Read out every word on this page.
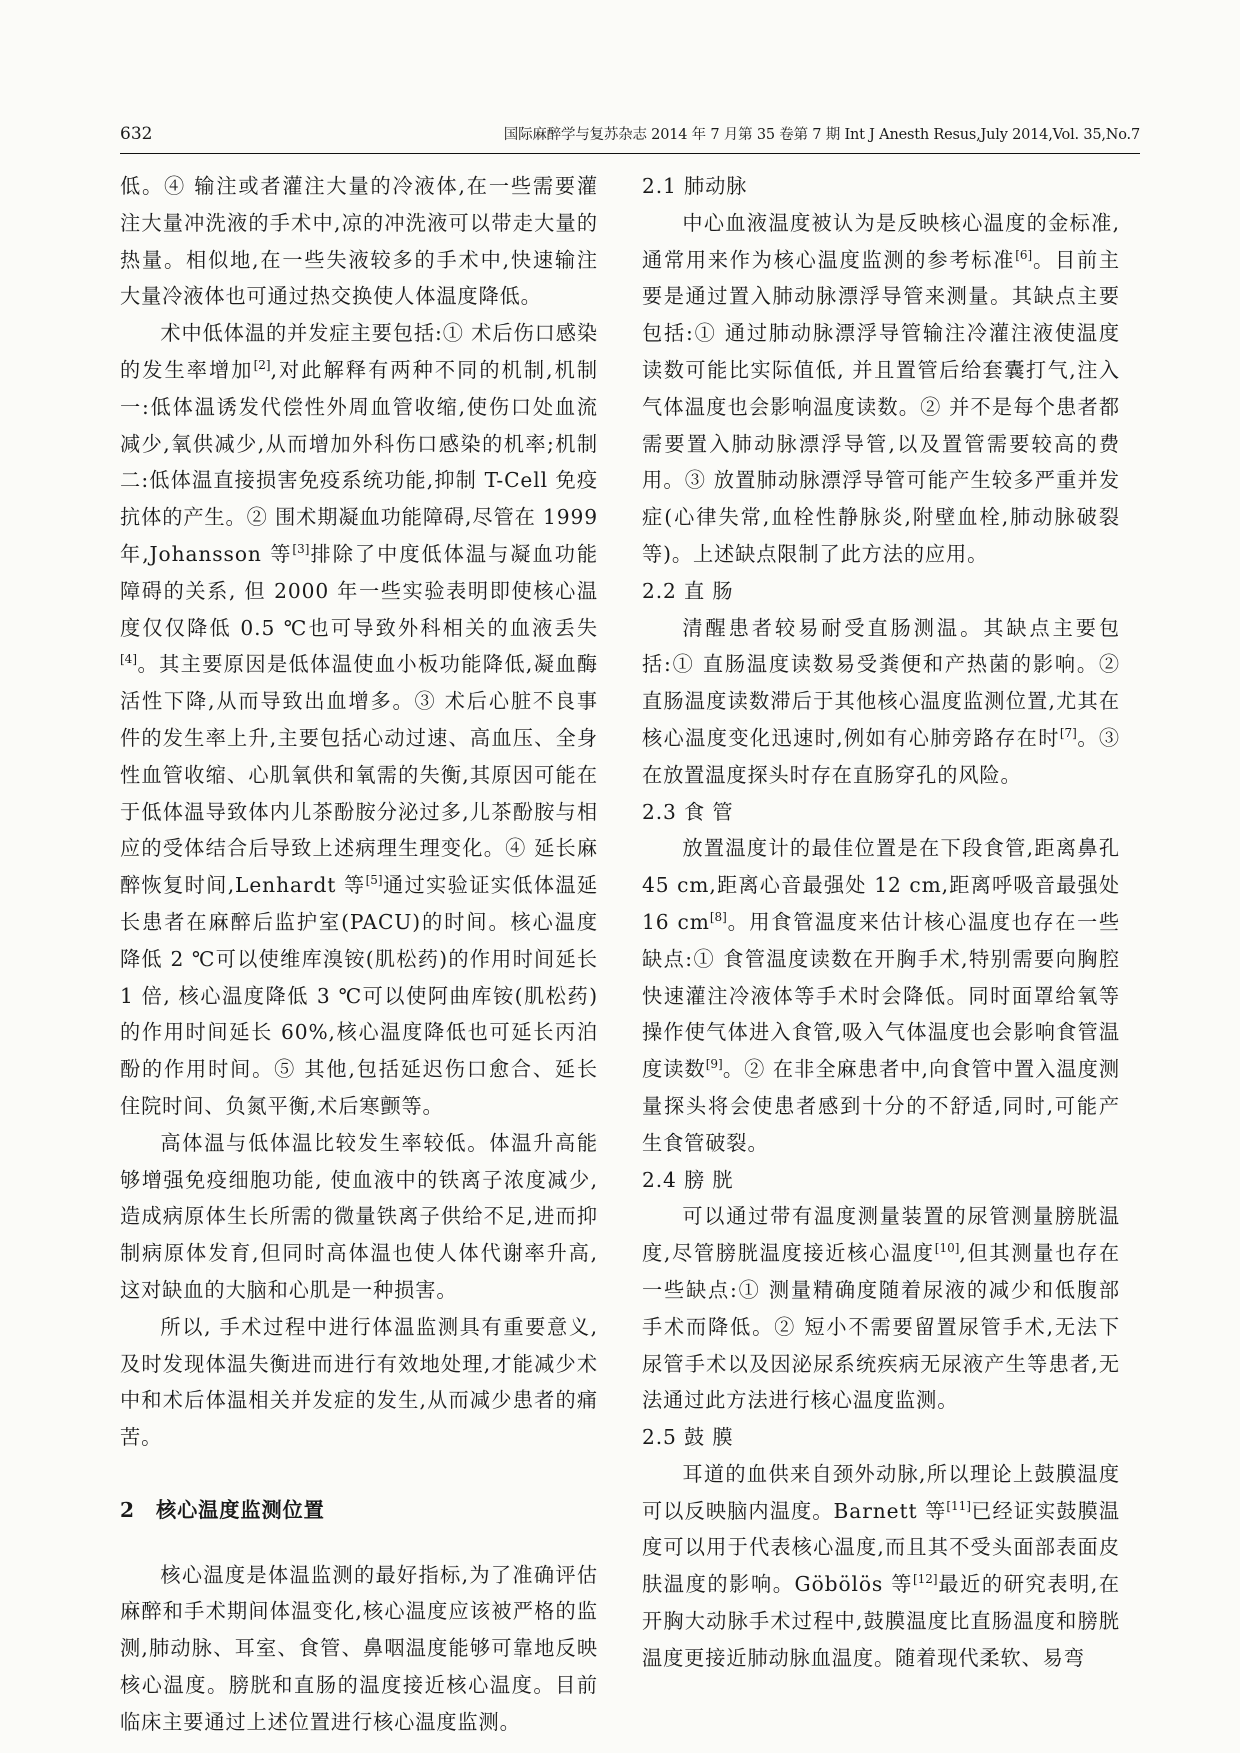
632	国际麻醉学与复苏杂志 2014 年 7 月第 35 卷第 7 期 Int J Anesth Resus,July 2014,Vol. 35,No.7

低。④ 输注或者灌注大量的冷液体,在一些需要灌注大量冲洗液的手术中,凉的冲洗液可以带走大量的热量。相似地,在一些失液较多的手术中,快速输注大量冷液体也可通过热交换使人体温度降低。

术中低体温的并发症主要包括:① 术后伤口感染的发生率增加[2],对此解释有两种不同的机制,机制一:低体温诱发代偿性外周血管收缩,使伤口处血流减少,氧供减少,从而增加外科伤口感染的机率;机制二:低体温直接损害免疫系统功能,抑制 T-Cell 免疫抗体的产生。② 围术期凝血功能障碍,尽管在 1999 年,Johansson 等[3]排除了中度低体温与凝血功能障碍的关系, 但 2000 年一些实验表明即使核心温度仅仅降低 0.5 ℃也可导致外科相关的血液丢失[4]。其主要原因是低体温使血小板功能降低,凝血酶活性下降,从而导致出血增多。③ 术后心脏不良事件的发生率上升,主要包括心动过速、高血压、全身性血管收缩、心肌氧供和氧需的失衡,其原因可能在于低体温导致体内儿茶酚胺分泌过多,儿茶酚胺与相应的受体结合后导致上述病理生理变化。④ 延长麻醉恢复时间,Lenhardt 等[5]通过实验证实低体温延长患者在麻醉后监护室(PACU)的时间。核心温度降低 2 ℃可以使维库溴铵(肌松药)的作用时间延长 1 倍, 核心温度降低 3 ℃可以使阿曲库铵(肌松药)的作用时间延长 60%,核心温度降低也可延长丙泊酚的作用时间。⑤ 其他,包括延迟伤口愈合、延长住院时间、负氮平衡,术后寒颤等。

高体温与低体温比较发生率较低。体温升高能够增强免疫细胞功能, 使血液中的铁离子浓度减少, 造成病原体生长所需的微量铁离子供给不足,进而抑制病原体发育,但同时高体温也使人体代谢率升高,这对缺血的大脑和心肌是一种损害。

所以, 手术过程中进行体温监测具有重要意义,及时发现体温失衡进而进行有效地处理,才能减少术中和术后体温相关并发症的发生,从而减少患者的痛苦。

2 核心温度监测位置

核心温度是体温监测的最好指标,为了准确评估麻醉和手术期间体温变化,核心温度应该被严格的监测,肺动脉、耳室、食管、鼻咽温度能够可靠地反映核心温度。膀胱和直肠的温度接近核心温度。目前临床主要通过上述位置进行核心温度监测。

2.1 肺动脉

中心血液温度被认为是反映核心温度的金标准,通常用来作为核心温度监测的参考标准[6]。目前主要是通过置入肺动脉漂浮导管来测量。其缺点主要包括:① 通过肺动脉漂浮导管输注冷灌注液使温度读数可能比实际值低, 并且置管后给套囊打气,注入气体温度也会影响温度读数。② 并不是每个患者都需要置入肺动脉漂浮导管,以及置管需要较高的费用。③ 放置肺动脉漂浮导管可能产生较多严重并发症(心律失常,血栓性静脉炎,附壁血栓,肺动脉破裂等)。上述缺点限制了此方法的应用。

2.2 直 肠

清醒患者较易耐受直肠测温。其缺点主要包括:① 直肠温度读数易受粪便和产热菌的影响。② 直肠温度读数滞后于其他核心温度监测位置,尤其在核心温度变化迅速时,例如有心肺旁路存在时[7]。③ 在放置温度探头时存在直肠穿孔的风险。

2.3 食 管

放置温度计的最佳位置是在下段食管,距离鼻孔 45 cm,距离心音最强处 12 cm,距离呼吸音最强处 16 cm[8]。用食管温度来估计核心温度也存在一些缺点:① 食管温度读数在开胸手术,特别需要向胸腔快速灌注冷液体等手术时会降低。同时面罩给氧等操作使气体进入食管,吸入气体温度也会影响食管温度读数[9]。② 在非全麻患者中,向食管中置入温度测量探头将会使患者感到十分的不舒适,同时,可能产生食管破裂。

2.4 膀 胱

可以通过带有温度测量装置的尿管测量膀胱温度,尽管膀胱温度接近核心温度[10],但其测量也存在一些缺点:① 测量精确度随着尿液的减少和低腹部手术而降低。② 短小不需要留置尿管手术,无法下尿管手术以及因泌尿系统疾病无尿液产生等患者,无法通过此方法进行核心温度监测。

2.5 鼓 膜

耳道的血供来自颈外动脉,所以理论上鼓膜温度可以反映脑内温度。Barnett 等[11]已经证实鼓膜温度可以用于代表核心温度,而且其不受头面部表面皮肤温度的影响。Göbölös 等[12]最近的研究表明,在开胸大动脉手术过程中,鼓膜温度比直肠温度和膀胱温度更接近肺动脉血温度。随着现代柔软、易弯
